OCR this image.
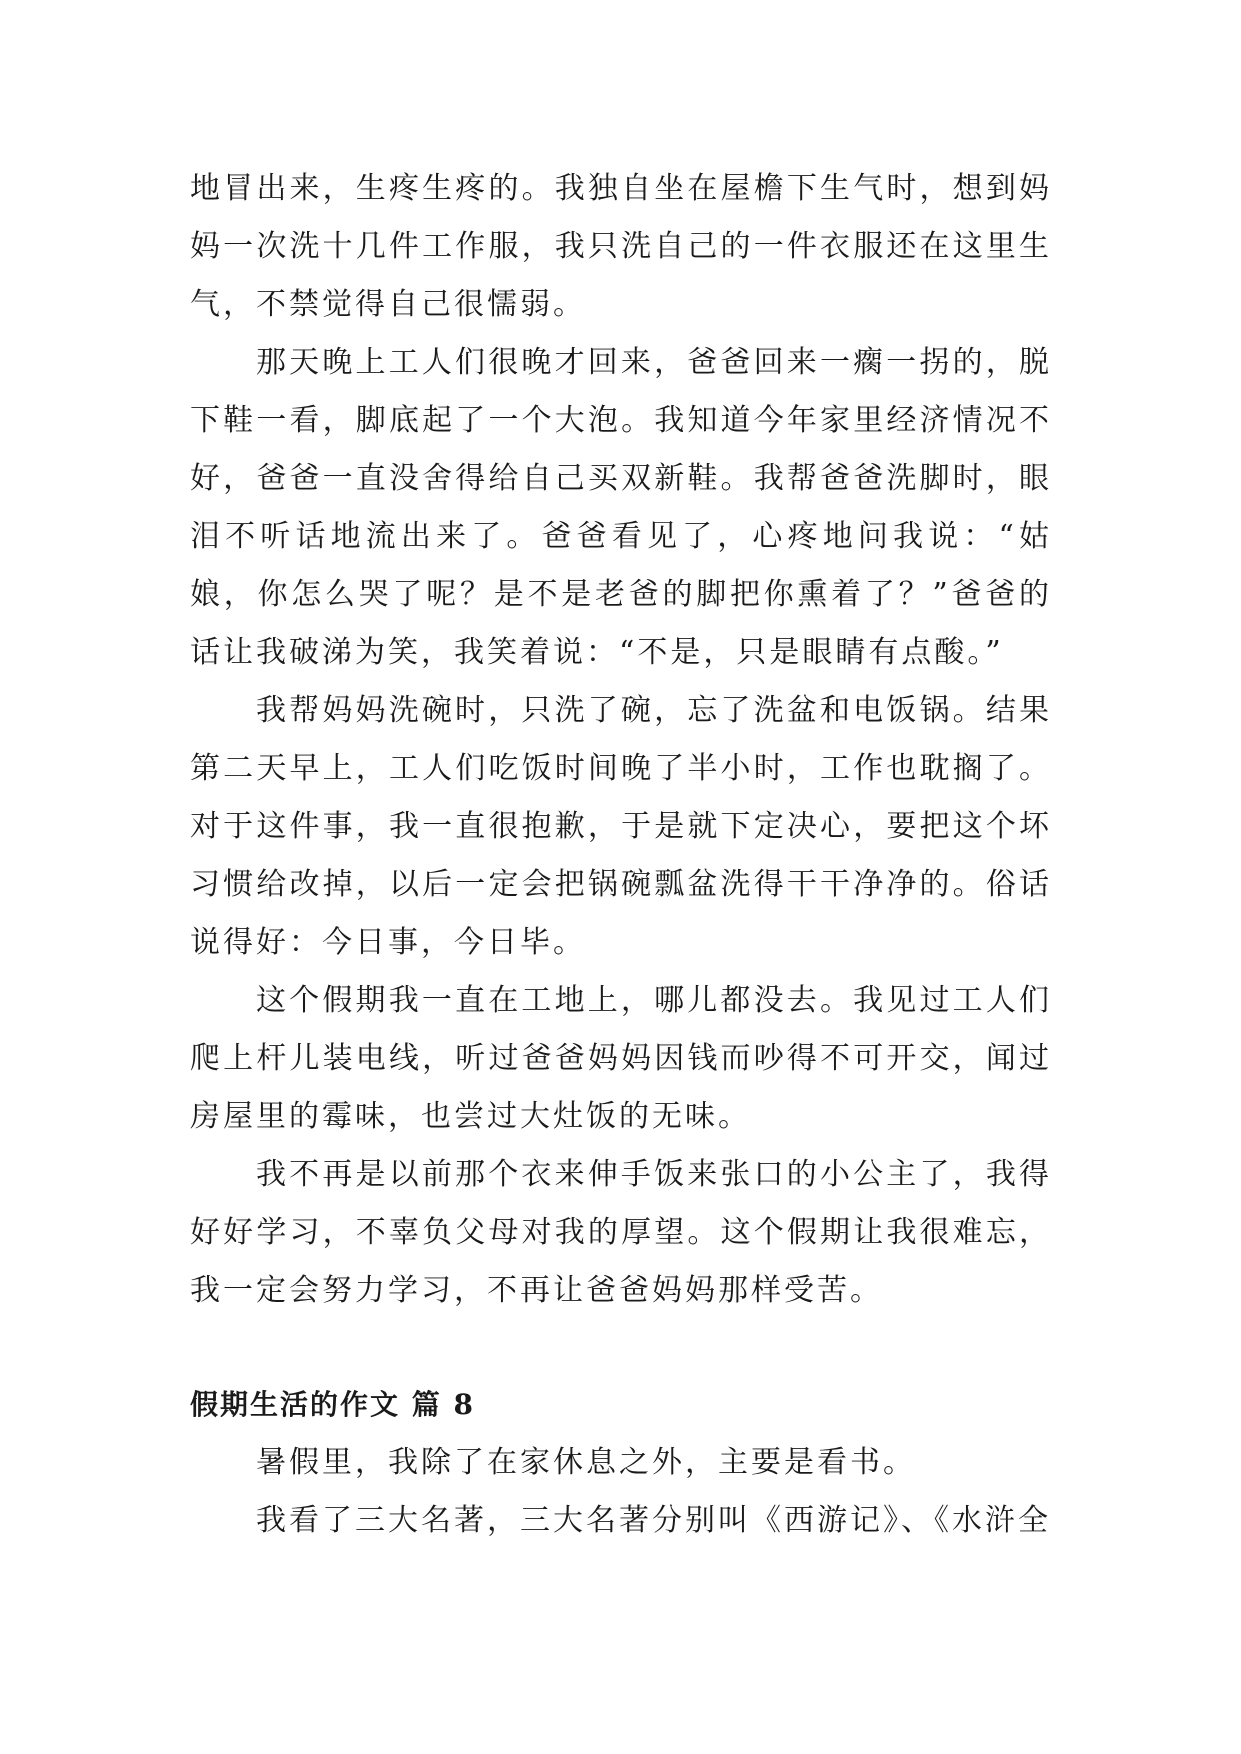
地冒出来，生疼生疼的。我独自坐在屋檐下生气时，想到妈妈一次洗十几件工作服，我只洗自己的一件衣服还在这里生气，不禁觉得自己很懦弱。

那天晚上工人们很晚才回来，爸爸回来一瘸一拐的，脱下鞋一看，脚底起了一个大泡。我知道今年家里经济情况不好，爸爸一直没舍得给自己买双新鞋。我帮爸爸洗脚时，眼泪不听话地流出来了。爸爸看见了，心疼地问我说：“姑娘，你怎么哭了呢？是不是老爸的脚把你熏着了？”爸爸的话让我破涕为笑，我笑着说：“不是，只是眼睛有点酸。”

我帮妈妈洗碗时，只洗了碗，忘了洗盆和电饭锅。结果第二天早上，工人们吃饭时间晚了半小时，工作也耽搁了。对于这件事，我一直很抱歉，于是就下定决心，要把这个坏习惯给改掉，以后一定会把锅碗瓢盆洗得干干净净的。俗话说得好：今日事，今日毕。

这个假期我一直在工地上，哪儿都没去。我见过工人们爬上杆儿装电线，听过爸爸妈妈因钱而吵得不可开交，闻过房屋里的霉味，也尝过大灶饭的无味。

我不再是以前那个衣来伸手饭来张口的小公主了，我得好好学习，不辜负父母对我的厚望。这个假期让我很难忘，我一定会努力学习，不再让爸爸妈妈那样受苦。

假期生活的作文 篇 8

暑假里，我除了在家休息之外，主要是看书。

我看了三大名著，三大名著分别叫《西游记》、《水浒全
